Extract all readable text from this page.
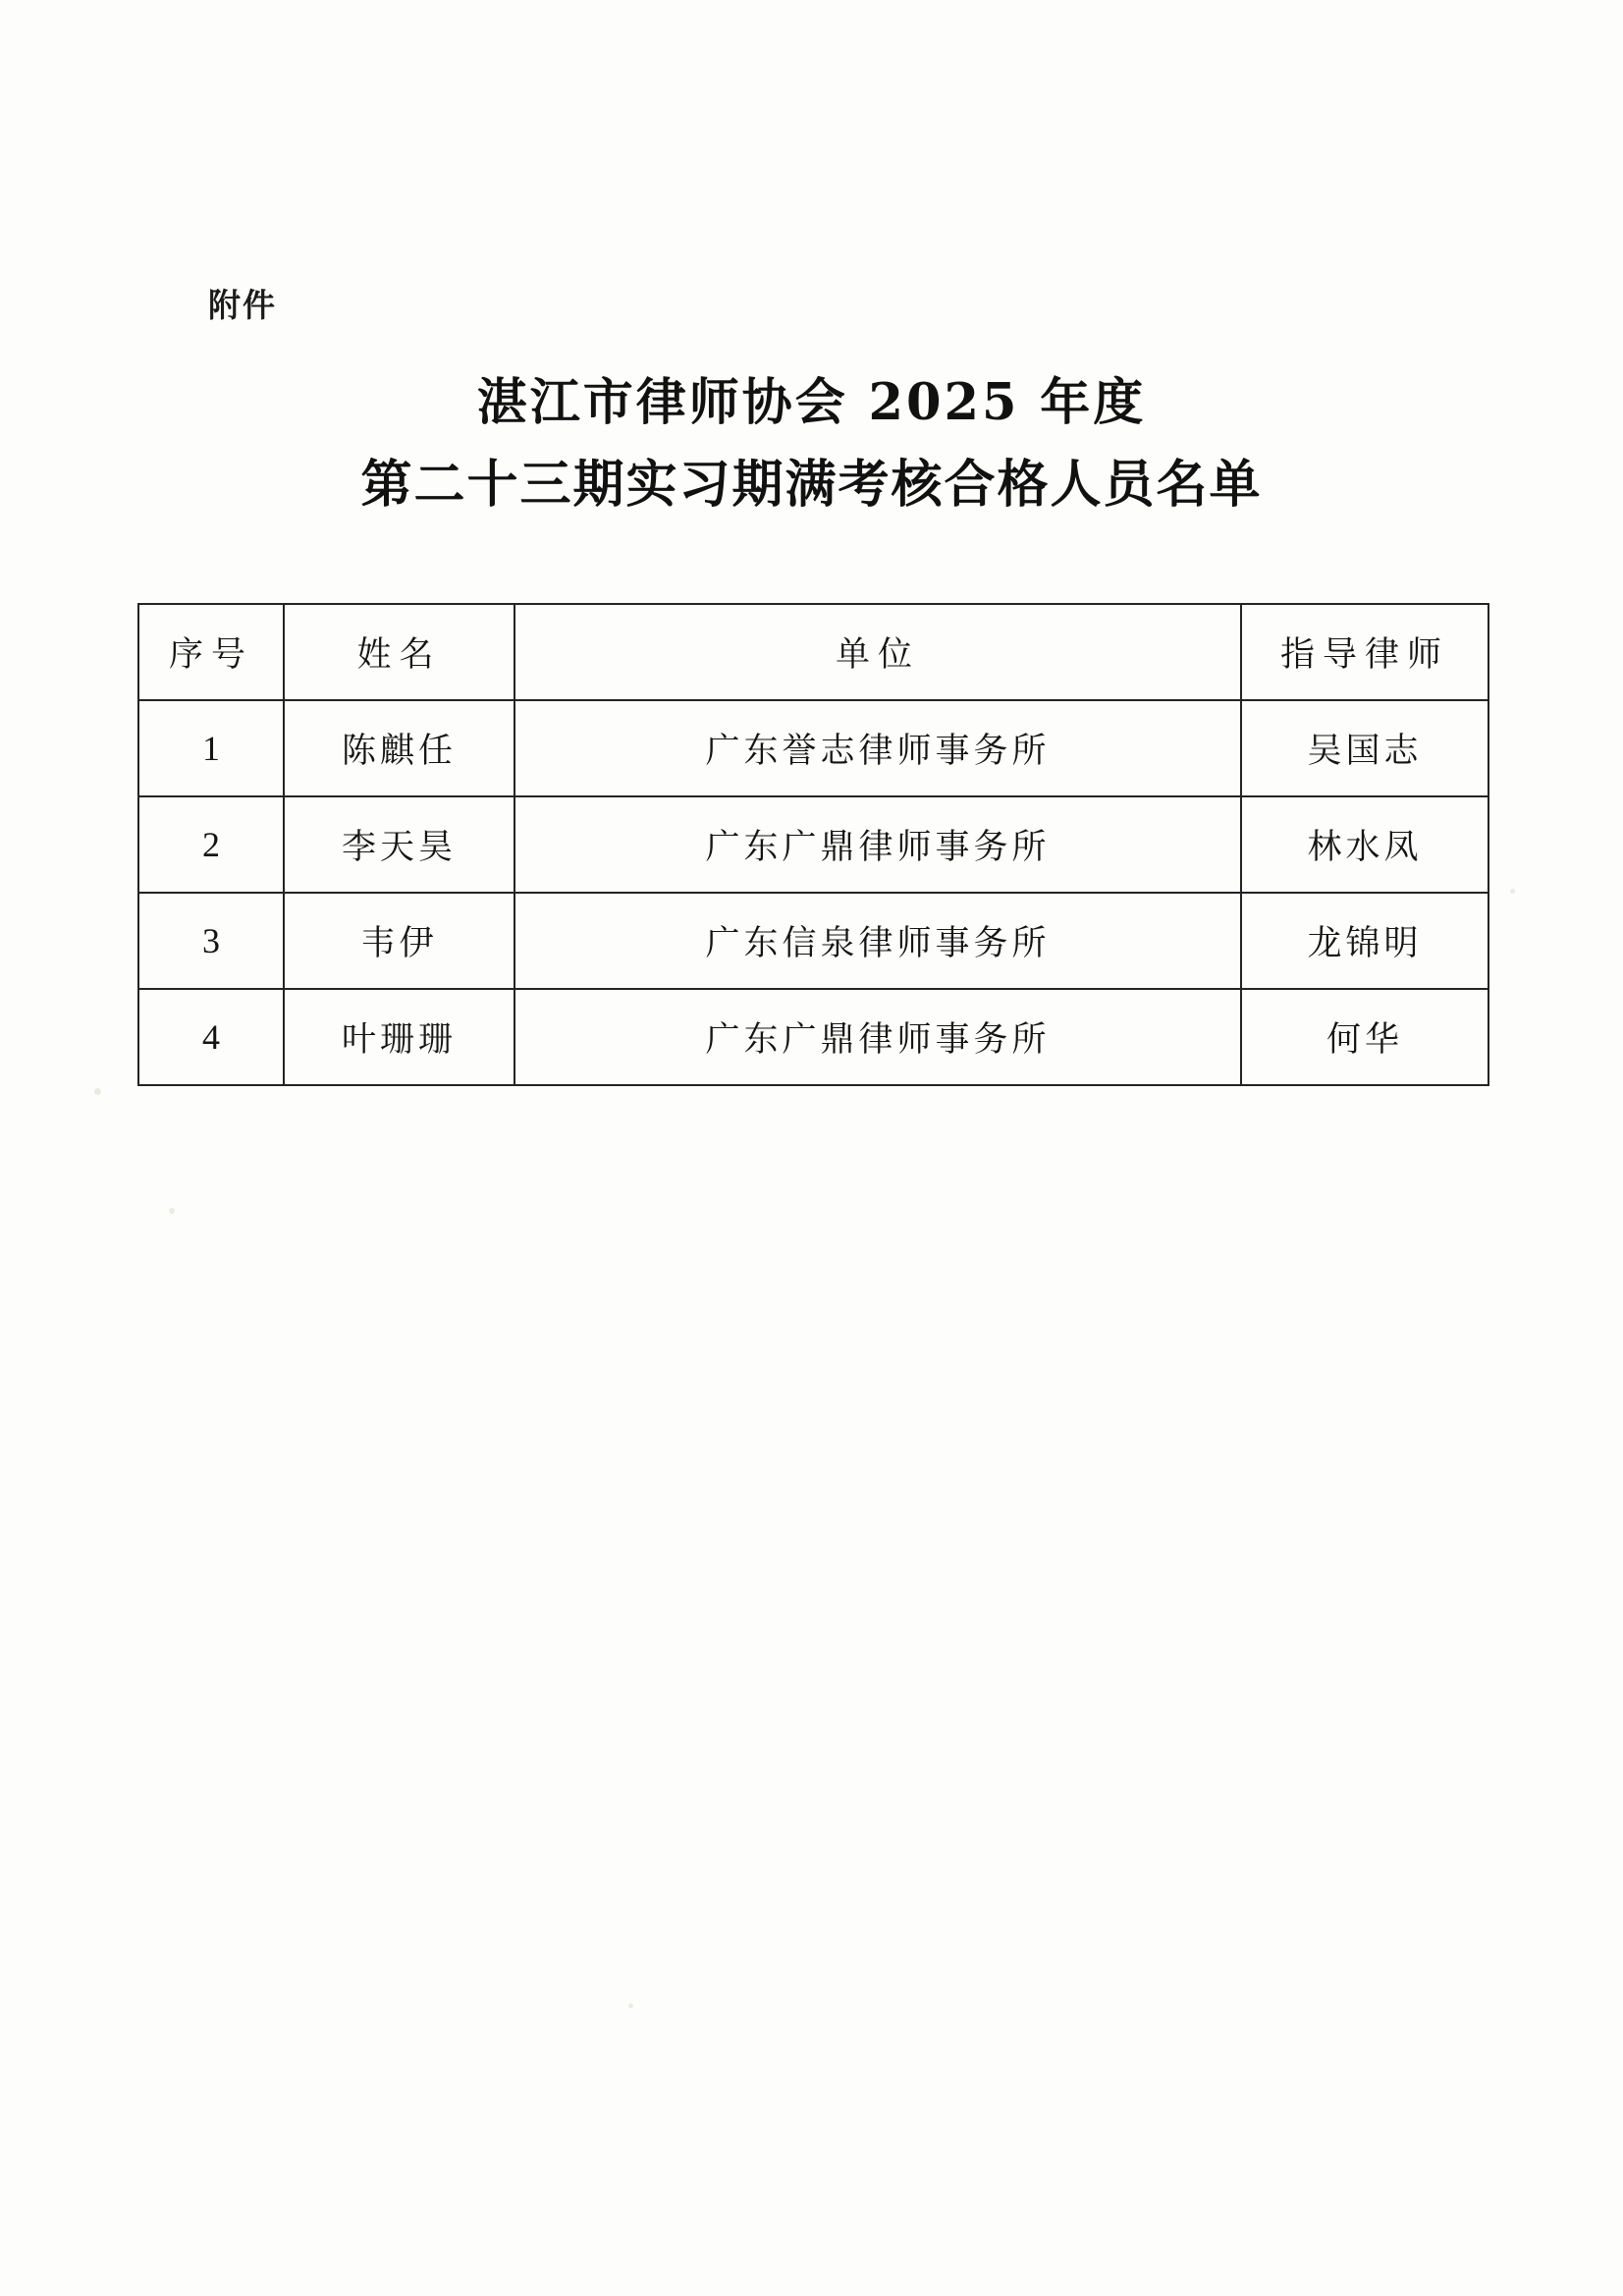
附件
湛江市律师协会 2025 年度
第二十三期实习期满考核合格人员名单
序号	姓名	单位	指导律师
1	陈麒任	广东誉志律师事务所	吴国志
2	李天昊	广东广鼎律师事务所	林水凤
3	韦伊	广东信泉律师事务所	龙锦明
4	叶珊珊	广东广鼎律师事务所	何华
